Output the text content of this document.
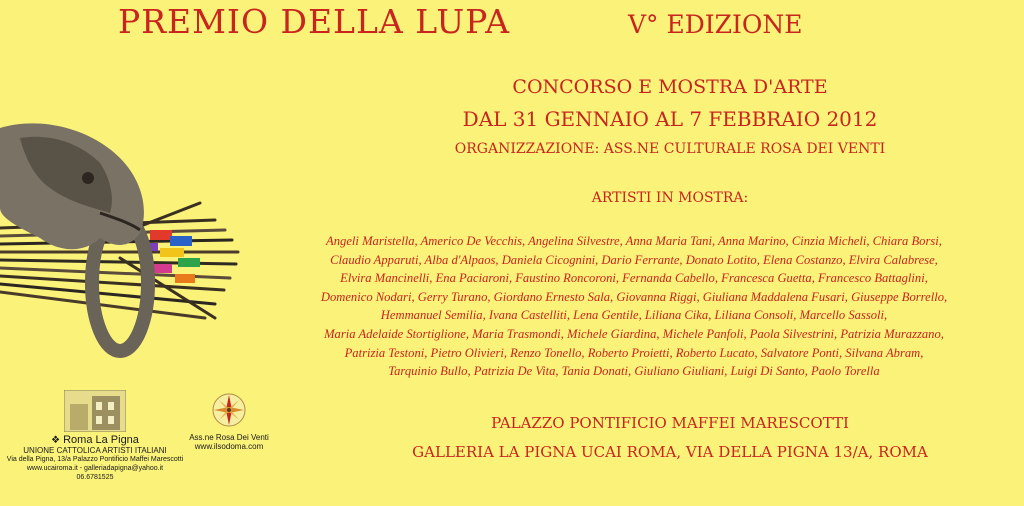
PREMIO DELLA LUPA	V° EDIZIONE
CONCORSO E MOSTRA D'ARTE
DAL 31 GENNAIO AL 7 FEBBRAIO 2012
ORGANIZZAZIONE: ASS.NE CULTURALE ROSA DEI VENTI
ARTISTI IN MOSTRA:
Angeli Maristella, Americo De Vecchis, Angelina Silvestre, Anna Maria Tani, Anna Marino, Cinzia Micheli, Chiara Borsi,
Claudio Apparuti, Alba d'Alpaos, Daniela Cicognini, Dario Ferrante, Donato Lotito, Elena Costanzo, Elvira Calabrese,
Elvira Mancinelli, Ena Paciaroni, Faustino Roncoroni, Fernanda Cabello, Francesca Guetta, Francesco Battaglini,
Domenico Nodari, Gerry Turano, Giordano Ernesto Sala, Giovanna Riggi, Giuliana Maddalena Fusari, Giuseppe Borrello,
Hemmanuel Semilia, Ivana Castelliti, Lena Gentile, Liliana Cika, Liliana Consoli, Marcello Sassoli,
Maria Adelaide Stortiglione, Maria Trasmondi, Michele Giardina, Michele Panfoli, Paola Silvestrini, Patrizia Murazzano,
Patrizia Testoni, Pietro Olivieri, Renzo Tonello, Roberto Proietti, Roberto Lucato, Salvatore Ponti, Silvana Abram,
Tarquinio Bullo, Patrizia De Vita, Tania Donati, Giuliano Giuliani, Luigi Di Santo, Paolo Torella
PALAZZO PONTIFICIO MAFFEI MARESCOTTI
GALLERIA LA PIGNA UCAI ROMA, VIA DELLA PIGNA 13/A, ROMA
❖ Roma La Pigna
UNIONE CATTOLICA ARTISTI ITALIANI
Via della Pigna, 13/a Palazzo Pontificio Maffei Marescotti
www.ucairoma.it - galleriadapigna@yahoo.it
06.6781525
Ass.ne Rosa Dei Venti
www.ilsodoma.com
